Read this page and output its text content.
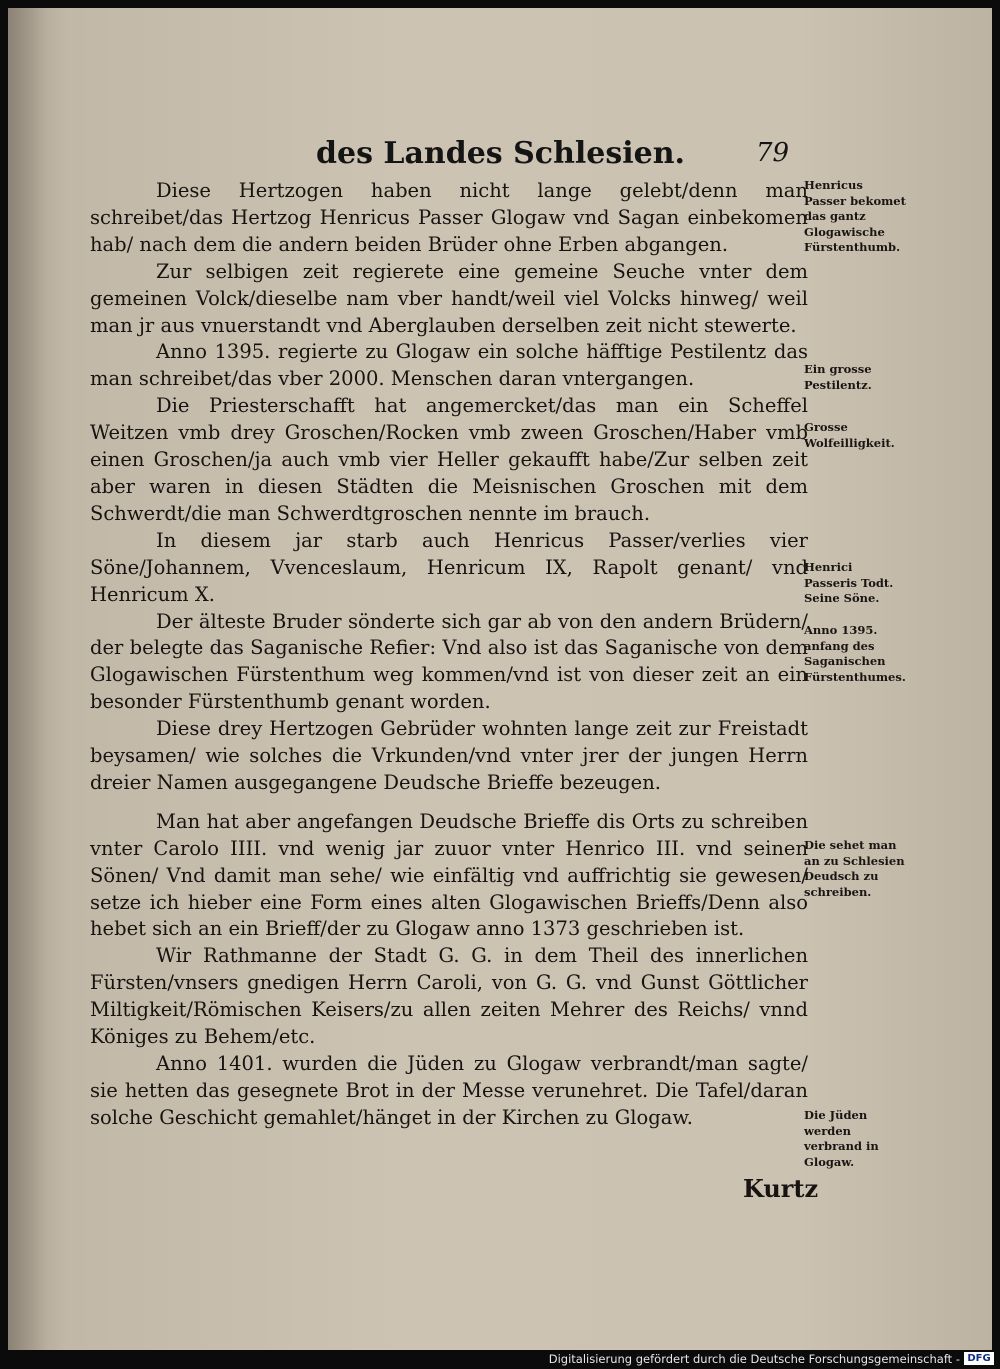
des Landes Schlesien.	79

Diese Hertzogen haben nicht lange gelebt/denn man schreibet/das Hertzog Henricus Passer Glogaw vnd Sagan einbekomen hab/ nach dem die andern beiden Brüder ohne Erben abgangen.

Zur selbigen zeit regierete eine gemeine Seuche vnter dem gemeinen Volck/dieselbe nam vber handt/weil viel Volcks hinweg/ weil man jr aus vnuerstandt vnd Aberglauben derselben zeit nicht stewerte.

Anno 1395. regierte zu Glogaw ein solche häfftige Pestilentz das man schreibet/das vber 2000. Menschen daran vntergangen.

Die Priesterschafft hat angemercket/das man ein Scheffel Weitzen vmb drey Groschen/Rocken vmb zween Groschen/Haber vmb einen Groschen/ja auch vmb vier Heller gekaufft habe/Zur selben zeit aber waren in diesen Städten die Meisnischen Groschen mit dem Schwerdt/die man Schwerdtgroschen nennte im brauch.

In diesem jar starb auch Henricus Passer/verlies vier Söne/Johannem, Vvenceslaum, Henricum IX, Rapolt genant/ vnd Henricum X.

Der älteste Bruder sönderte sich gar ab von den andern Brüdern/ der belegte das Saganische Refier: Vnd also ist das Saganische von dem Glogawischen Fürstenthum weg kommen/vnd ist von dieser zeit an ein besonder Fürstenthumb genant worden.

Diese drey Hertzogen Gebrüder wohnten lange zeit zur Freistadt beysamen/ wie solches die Vrkunden/vnd vnter jrer der jungen Herrn dreier Namen ausgegangene Deudsche Brieffe bezeugen.

Man hat aber angefangen Deudsche Brieffe dis Orts zu schreiben vnter Carolo IIII. vnd wenig jar zuuor vnter Henrico III. vnd seinen Sönen/ Vnd damit man sehe/ wie einfältig vnd auffrichtig sie gewesen/ setze ich hieber eine Form eines alten Glogawischen Brieffs/Denn also hebet sich an ein Brieff/der zu Glogaw anno 1373 geschrieben ist.

Wir Rathmanne der Stadt G. G. in dem Theil des innerlichen Fürsten/vnsers gnedigen Herrn Caroli, von G. G. vnd Gunst Göttlicher Miltigkeit/Römischen Keisers/zu allen zeiten Mehrer des Reichs/ vnnd Königes zu Behem/etc.

Anno 1401. wurden die Jüden zu Glogaw verbrandt/man sagte/ sie hetten das gesegnete Brot in der Messe verunehret. Die Tafel/daran solche Geschicht gemahlet/hänget in der Kirchen zu Glogaw.

Kurtz
Henricus Passer bekomet das gantz Glogawische Fürstenthumb.
Ein grosse Pestilentz.
Grosse Wolfeilligkeit.
Henrici Passeris Todt. Seine Söne.
Anno 1395. anfang des Saganischen Fürstenthumes.
Die sehet man an zu Schlesien Deudsch zu schreiben.
Die Jüden werden verbrand in Glogaw.
Digitalisierung gefördert durch die Deutsche Forschungsgemeinschaft - DFG
